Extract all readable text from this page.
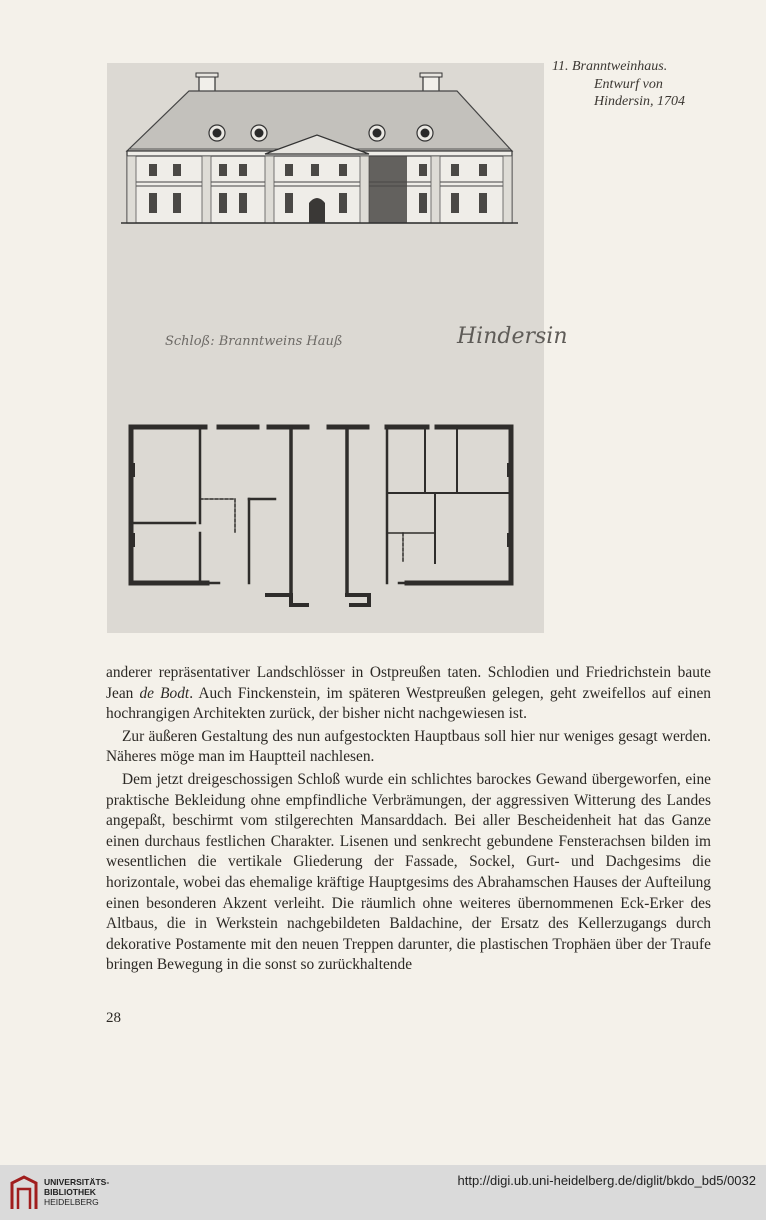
Schloß: Branntweins Hauß	Hindersin
11. Branntweinhaus.
Entwurf von
Hindersin, 1704

anderer repräsentativer Landschlösser in Ostpreußen taten. Schlodien und Friedrichstein baute Jean de Bodt. Auch Finckenstein, im späteren Westpreußen gelegen, geht zweifellos auf einen hochrangigen Architekten zurück, der bisher nicht nachgewiesen ist.

Zur äußeren Gestaltung des nun aufgestockten Hauptbaus soll hier nur weniges gesagt werden. Näheres möge man im Hauptteil nachlesen.

Dem jetzt dreigeschossigen Schloß wurde ein schlichtes barockes Gewand übergeworfen, eine praktische Bekleidung ohne empfindliche Verbrämungen, der aggressiven Witterung des Landes angepaßt, beschirmt vom stilgerechten Mansarddach. Bei aller Bescheidenheit hat das Ganze einen durchaus festlichen Charakter. Lisenen und senkrecht gebundene Fensterachsen bilden im wesentlichen die vertikale Gliederung der Fassade, Sockel, Gurt- und Dachgesims die horizontale, wobei das ehemalige kräftige Hauptgesims des Abrahamschen Hauses der Aufteilung einen besonderen Akzent verleiht. Die räumlich ohne weiteres übernommenen Eck-Erker des Altbaus, die in Werkstein nachgebildeten Baldachine, der Ersatz des Kellerzugangs durch dekorative Postamente mit den neuen Treppen darunter, die plastischen Trophäen über der Traufe bringen Bewegung in die sonst so zurückhaltende

28
UNIVERSITÄTS-
BIBLIOTHEK
HEIDELBERG
http://digi.ub.uni-heidelberg.de/diglit/bkdo_bd5/0032
